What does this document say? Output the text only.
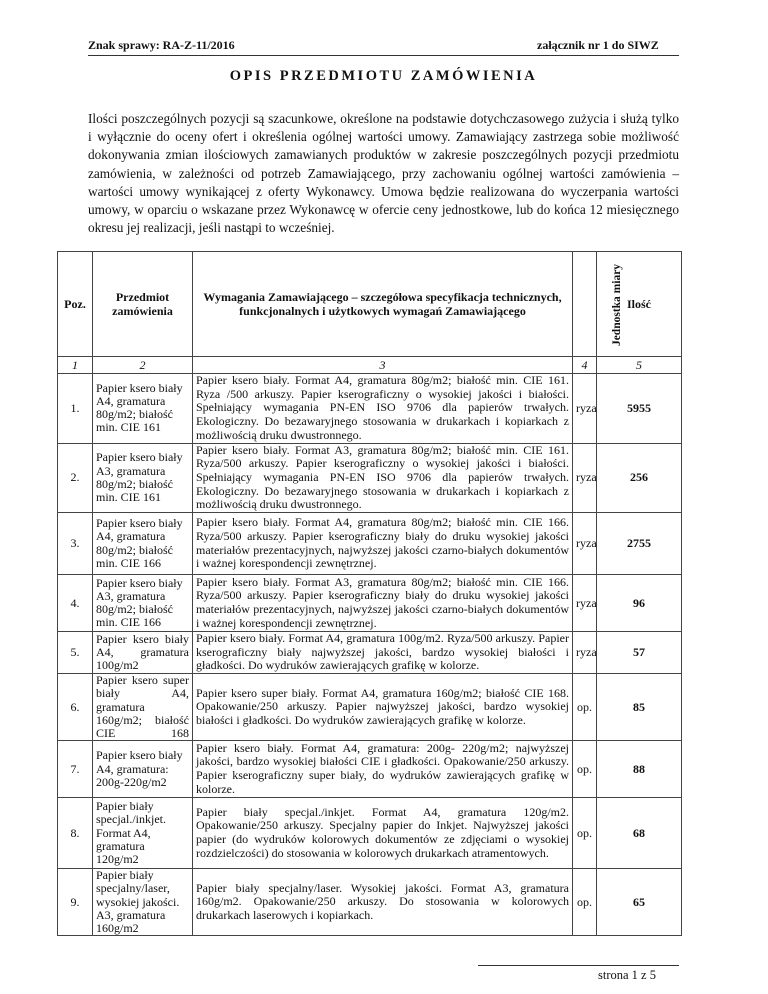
Znak sprawy: RA-Z-11/2016	załącznik nr 1 do SIWZ
OPIS PRZEDMIOTU ZAMÓWIENIA
Ilości poszczególnych pozycji są szacunkowe, określone na podstawie dotychczasowego zużycia i służą tylko i wyłącznie do oceny ofert i określenia ogólnej wartości umowy. Zamawiający zastrzega sobie możliwość dokonywania zmian ilościowych zamawianych produktów w zakresie poszczególnych pozycji przedmiotu zamówienia, w zależności od potrzeb Zamawiającego, przy zachowaniu ogólnej wartości zamówienia – wartości umowy wynikającej z oferty Wykonawcy. Umowa będzie realizowana do wyczerpania wartości umowy, w oparciu o wskazane przez Wykonawcę w ofercie ceny jednostkowe, lub do końca 12 miesięcznego okresu jej realizacji, jeśli nastąpi to wcześniej.
Poz.	Przedmiot zamówienia	Wymagania Zamawiającego – szczegółowa specyfikacja technicznych, funkcjonalnych i użytkowych wymagań Zamawiającego	Jednostka miary	Ilość
1	2	3	4	5
1.	Papier ksero biały A4, gramatura 80g/m2; białość min. CIE 161	Papier ksero biały. Format A4, gramatura 80g/m2; białość min. CIE 161. Ryza /500 arkuszy. Papier kserograficzny o wysokiej jakości i białości. Spełniający wymagania PN-EN ISO 9706 dla papierów trwałych. Ekologiczny. Do bezawaryjnego stosowania w drukarkach i kopiarkach z możliwością druku dwustronnego.	ryza	5955
2.	Papier ksero biały A3, gramatura 80g/m2; białość min. CIE 161	Papier ksero biały. Format A3, gramatura 80g/m2; białość min. CIE 161. Ryza/500 arkuszy. Papier kserograficzny o wysokiej jakości i białości. Spełniający wymagania PN-EN ISO 9706 dla papierów trwałych. Ekologiczny. Do bezawaryjnego stosowania w drukarkach i kopiarkach z możliwością druku dwustronnego.	ryza	256
3.	Papier ksero biały A4, gramatura 80g/m2; białość min. CIE 166	Papier ksero biały. Format A4, gramatura 80g/m2; białość min. CIE 166. Ryza/500 arkuszy. Papier kserograficzny biały do druku wysokiej jakości materiałów prezentacyjnych, najwyższej jakości czarno-białych dokumentów i ważnej korespondencji zewnętrznej.	ryza	2755
4.	Papier ksero biały A3, gramatura 80g/m2; białość min. CIE 166	Papier ksero biały. Format A3, gramatura 80g/m2; białość min. CIE 166. Ryza/500 arkuszy. Papier kserograficzny biały do druku wysokiej jakości materiałów prezentacyjnych, najwyższej jakości czarno-białych dokumentów i ważnej korespondencji zewnętrznej.	ryza	96
5.	Papier ksero biały A4, gramatura 100g/m2	Papier ksero biały. Format A4, gramatura 100g/m2. Ryza/500 arkuszy. Papier kserograficzny biały najwyższej jakości, bardzo wysokiej białości i gładkości. Do wydruków zawierających grafikę w kolorze.	ryza	57
6.	Papier ksero super biały A4, gramatura 160g/m2; białość CIE 168	Papier ksero super biały. Format A4, gramatura 160g/m2; białość CIE 168. Opakowanie/250 arkuszy. Papier najwyższej jakości, bardzo wysokiej białości i gładkości. Do wydruków zawierających grafikę w kolorze.	op.	85
7.	Papier ksero biały A4, gramatura: 200g-220g/m2	Papier ksero biały. Format A4, gramatura: 200g- 220g/m2; najwyższej jakości, bardzo wysokiej białości CIE i gładkości. Opakowanie/250 arkuszy. Papier kserograficzny super biały, do wydruków zawierających grafikę w kolorze.	op.	88
8.	Papier biały specjal./inkjet. Format A4, gramatura 120g/m2	Papier biały specjal./inkjet. Format A4, gramatura 120g/m2. Opakowanie/250 arkuszy. Specjalny papier do Inkjet. Najwyższej jakości papier (do wydruków kolorowych dokumentów ze zdjęciami o wysokiej rozdzielczości) do stosowania w kolorowych drukarkach atramentowych.	op.	68
9.	Papier biały specjalny/laser, wysokiej jakości. A3, gramatura 160g/m2	Papier biały specjalny/laser. Wysokiej jakości. Format A3, gramatura 160g/m2. Opakowanie/250 arkuszy. Do stosowania w kolorowych drukarkach laserowych i kopiarkach.	op.	65
strona 1 z 5
